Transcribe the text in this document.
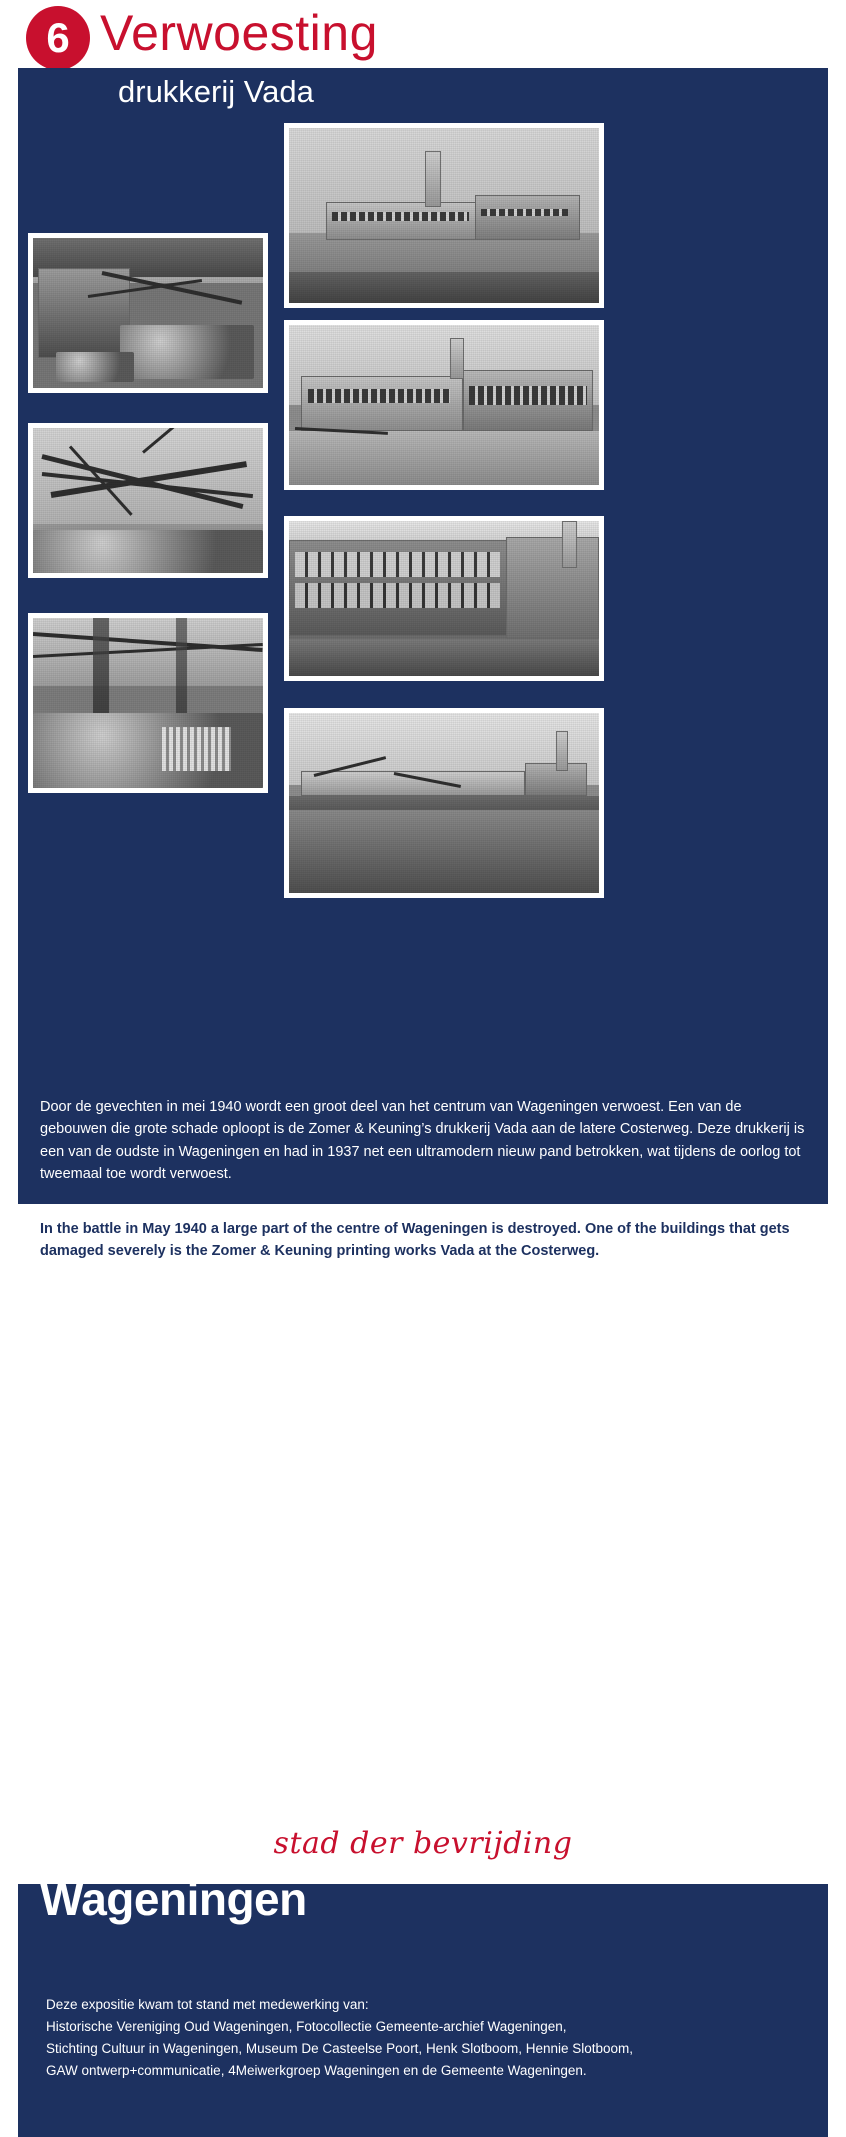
6 Verwoesting
drukkerij Vada
Door de gevechten in mei 1940 wordt een groot deel van het centrum van Wageningen verwoest. Een van de gebouwen die grote schade oploopt is de Zomer & Keuning’s drukkerij Vada aan de latere Costerweg. Deze drukkerij is een van de oudste in Wageningen en had in 1937 net een ultramodern nieuw pand betrokken, wat tijdens de oorlog tot tweemaal toe wordt verwoest.
In the battle in May 1940 a large part of the centre of Wageningen is destroyed. One of the buildings that gets damaged severely is the Zomer & Keuning printing works Vada at the Costerweg.
stad der bevrijding
Wageningen
Deze expositie kwam tot stand met medewerking van:
Historische Vereniging Oud Wageningen, Fotocollectie Gemeente-archief Wageningen,
Stichting Cultuur in Wageningen, Museum De Casteelse Poort, Henk Slotboom, Hennie Slotboom,
GAW ontwerp+communicatie, 4Meiwerkgroep Wageningen en de Gemeente Wageningen.
